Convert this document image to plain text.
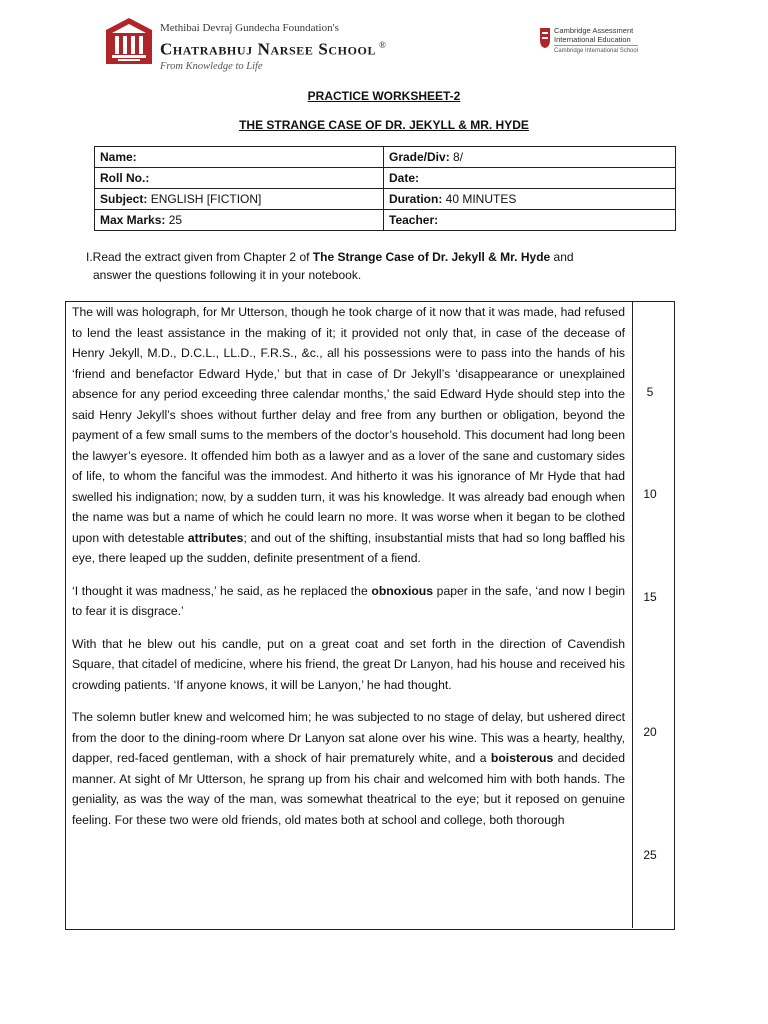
Methibai Devraj Gundecha Foundation's
Chatrabhuj Narsee School ®
From Knowledge to Life
Cambridge Assessment
International Education
Cambridge International School
PRACTICE WORKSHEET-2
THE STRANGE CASE OF DR. JEKYLL & MR. HYDE
Name:	Grade/Div: 8/
Roll No.:	Date:
Subject: ENGLISH [FICTION]	Duration: 40 MINUTES
Max Marks: 25	Teacher:
I.Read the extract given from Chapter 2 of The Strange Case of Dr. Jekyll & Mr. Hyde and
answer the questions following it in your notebook.

The will was holograph, for Mr Utterson, though he took charge of it now that it was made, had refused to lend the least assistance in the making of it; it provided not only that, in case of the decease of Henry Jekyll, M.D., D.C.L., LL.D., F.R.S., &c., all his possessions were to pass into the hands of his ‘friend and benefactor Edward Hyde,’ but that in case of Dr Jekyll’s ‘disappearance or unexplained absence for any period exceeding three calendar months,’ the said Edward Hyde should step into the said Henry Jekyll’s shoes without further delay and free from any burthen or obligation, beyond the payment of a few small sums to the members of the doctor’s household. This document had long been the lawyer’s eyesore. It offended him both as a lawyer and as a lover of the sane and customary sides of life, to whom the fanciful was the immodest. And hitherto it was his ignorance of Mr Hyde that had swelled his indignation; now, by a sudden turn, it was his knowledge. It was already bad enough when the name was but a name of which he could learn no more. It was worse when it began to be clothed upon with detestable attributes; and out of the shifting, insubstantial mists that had so long baffled his eye, there leaped up the sudden, definite presentment of a fiend.

‘I thought it was madness,’ he said, as he replaced the obnoxious paper in the safe, ‘and now I begin to fear it is disgrace.’

With that he blew out his candle, put on a great coat and set forth in the direction of Cavendish Square, that citadel of medicine, where his friend, the great Dr Lanyon, had his house and received his crowding patients. ‘If anyone knows, it will be Lanyon,’ he had thought.

The solemn butler knew and welcomed him; he was subjected to no stage of delay, but ushered direct from the door to the dining-room where Dr Lanyon sat alone over his wine. This was a hearty, healthy, dapper, red-faced gentleman, with a shock of hair prematurely white, and a boisterous and decided manner. At sight of Mr Utterson, he sprang up from his chair and welcomed him with both hands. The geniality, as was the way of the man, was somewhat theatrical to the eye; but it reposed on genuine feeling. For these two were old friends, old mates both at school and college, both thorough

5
10
15
20
25
